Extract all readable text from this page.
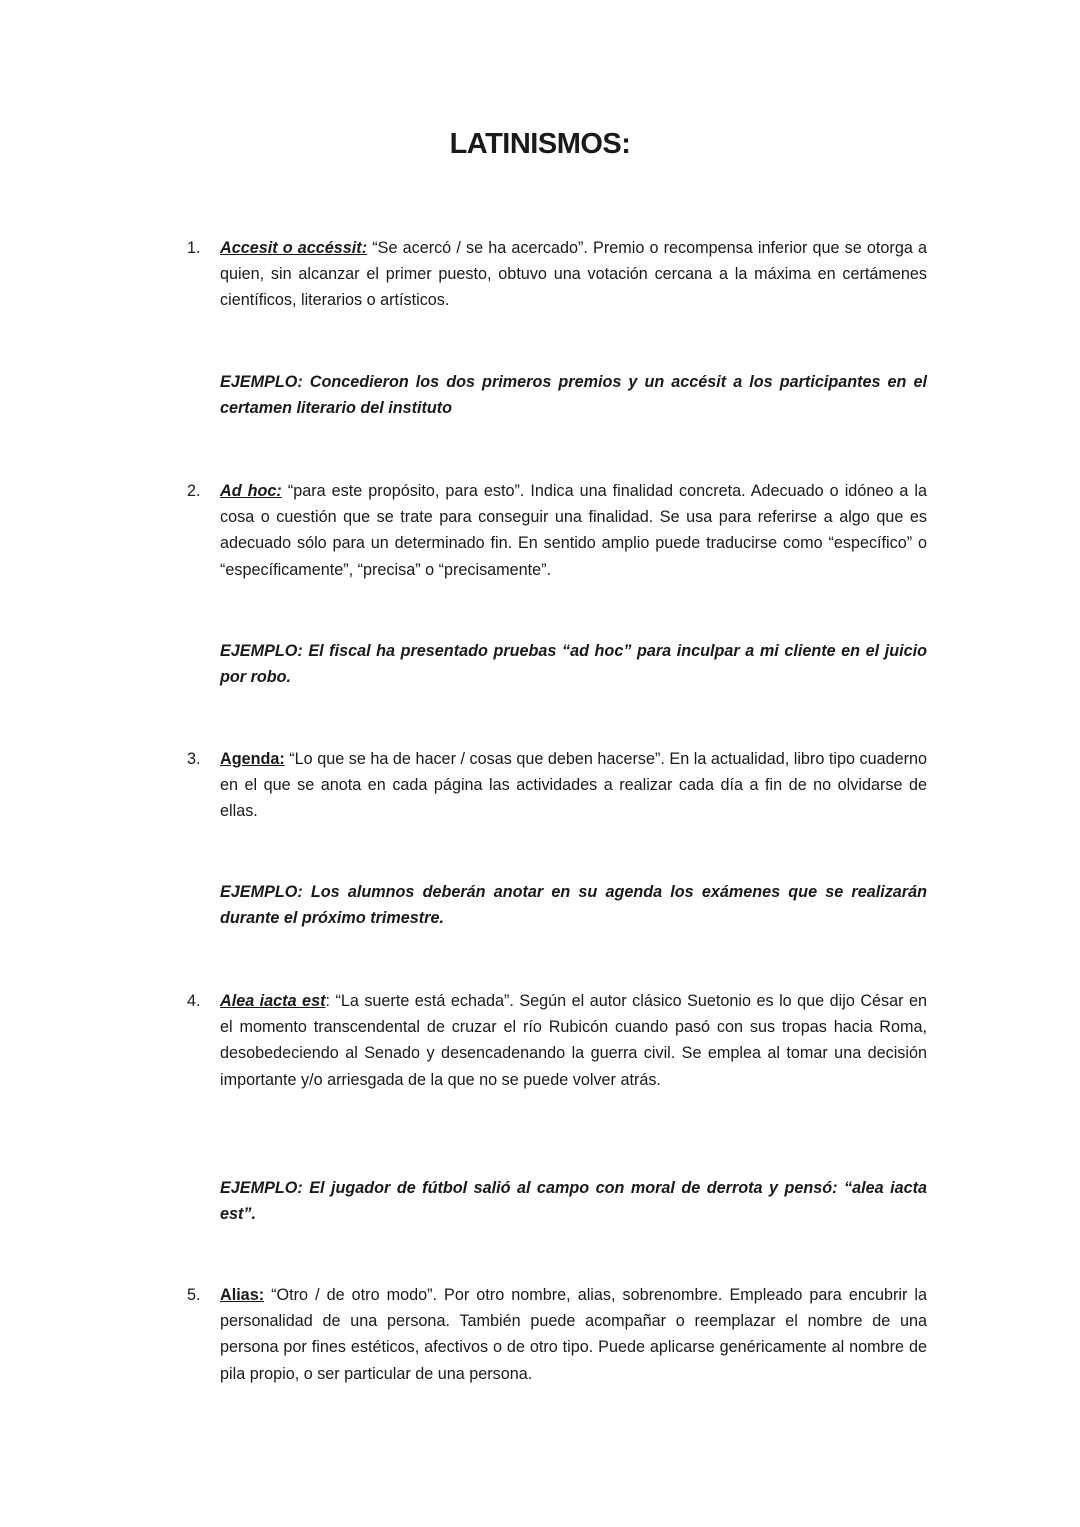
LATINISMOS:
1. Accesit o accéssit: “Se acercó / se ha acercado”. Premio o recompensa inferior que se otorga a quien, sin alcanzar el primer puesto, obtuvo una votación cercana a la máxima en certámenes científicos, literarios o artísticos.
EJEMPLO: Concedieron los dos primeros premios y un accésit a los participantes en el certamen literario del instituto
2. Ad hoc: “para este propósito, para esto”. Indica una finalidad concreta. Adecuado o idóneo a la cosa o cuestión que se trate para conseguir una finalidad. Se usa para referirse a algo que es adecuado sólo para un determinado fin. En sentido amplio puede traducirse como “específico” o “específicamente”, “precisa” o “precisamente”.
EJEMPLO: El fiscal ha presentado pruebas “ad hoc” para inculpar a mi cliente en el juicio por robo.
3. Agenda: “Lo que se ha de hacer / cosas que deben hacerse”. En la actualidad, libro tipo cuaderno en el que se anota en cada página las actividades a realizar cada día a fin de no olvidarse de ellas.
EJEMPLO: Los alumnos deberán anotar en su agenda los exámenes que se realizarán durante el próximo trimestre.
4. Alea iacta est: “La suerte está echada”. Según el autor clásico Suetonio es lo que dijo César en el momento transcendental de cruzar el río Rubicón cuando pasó con sus tropas hacia Roma, desobedeciendo al Senado y desencadenando la guerra civil. Se emplea al tomar una decisión importante y/o arriesgada de la que no se puede volver atrás.
EJEMPLO: El jugador de fútbol salió al campo con moral de derrota y pensó: “alea iacta est”.
5. Alias: “Otro / de otro modo”. Por otro nombre, alias, sobrenombre. Empleado para encubrir la personalidad de una persona. También puede acompañar o reemplazar el nombre de una persona por fines estéticos, afectivos o de otro tipo. Puede aplicarse genéricamente al nombre de pila propio, o ser particular de una persona.
